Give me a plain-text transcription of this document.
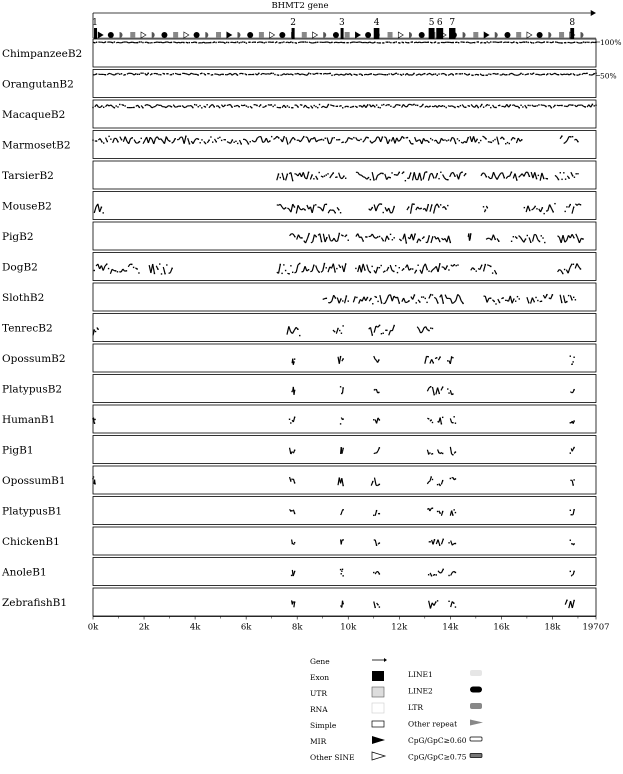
BHMT2 gene
1	2	3	4	5 6 7	8
ChimpanzeeB2
OrangutanB2
MacaqueB2
MarmosetB2
TarsierB2
MouseB2
PigB2
DogB2
SlothB2
TenrecB2
OpossumB2
PlatypusB2
HumanB1
PigB1
OpossumB1
PlatypusB1
ChickenB1
AnoleB1
ZebrafishB1
100%
50%
0k	2k	4k	6k	8k	10k	12k	14k	16k	18k	19707
Gene
Exon
UTR
RNA
Simple
MIR
Other SINE
LINE1
LINE2
LTR
Other repeat
CpG/GpC≥0.60
CpG/GpC≥0.75
